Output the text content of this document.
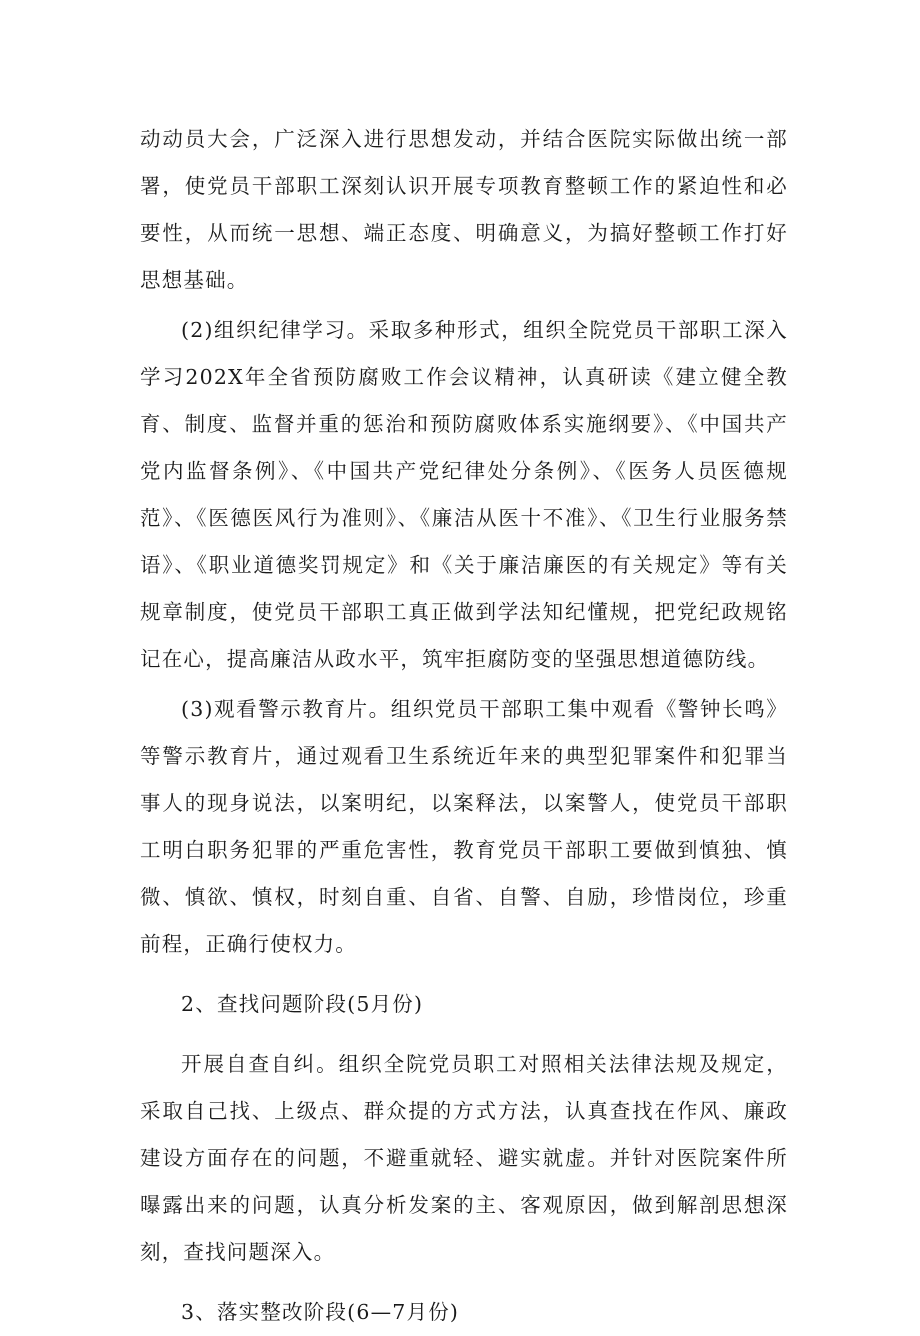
动动员大会，广泛深入进行思想发动，并结合医院实际做出统一部署，使党员干部职工深刻认识开展专项教育整顿工作的紧迫性和必要性，从而统一思想、端正态度、明确意义，为搞好整顿工作打好思想基础。

(2)组织纪律学习。采取多种形式，组织全院党员干部职工深入学习202X年全省预防腐败工作会议精神，认真研读《建立健全教育、制度、监督并重的惩治和预防腐败体系实施纲要》、《中国共产党内监督条例》、《中国共产党纪律处分条例》、《医务人员医德规范》、《医德医风行为准则》、《廉洁从医十不准》、《卫生行业服务禁语》、《职业道德奖罚规定》和《关于廉洁廉医的有关规定》等有关规章制度，使党员干部职工真正做到学法知纪懂规，把党纪政规铭记在心，提高廉洁从政水平，筑牢拒腐防变的坚强思想道德防线。

(3)观看警示教育片。组织党员干部职工集中观看《警钟长鸣》等警示教育片，通过观看卫生系统近年来的典型犯罪案件和犯罪当事人的现身说法，以案明纪，以案释法，以案警人，使党员干部职工明白职务犯罪的严重危害性，教育党员干部职工要做到慎独、慎微、慎欲、慎权，时刻自重、自省、自警、自励，珍惜岗位，珍重前程，正确行使权力。

2、查找问题阶段(5月份)

开展自查自纠。组织全院党员职工对照相关法律法规及规定，采取自己找、上级点、群众提的方式方法，认真查找在作风、廉政建设方面存在的问题，不避重就轻、避实就虚。并针对医院案件所曝露出来的问题，认真分析发案的主、客观原因，做到解剖思想深刻，查找问题深入。

3、落实整改阶段(6—7月份)
